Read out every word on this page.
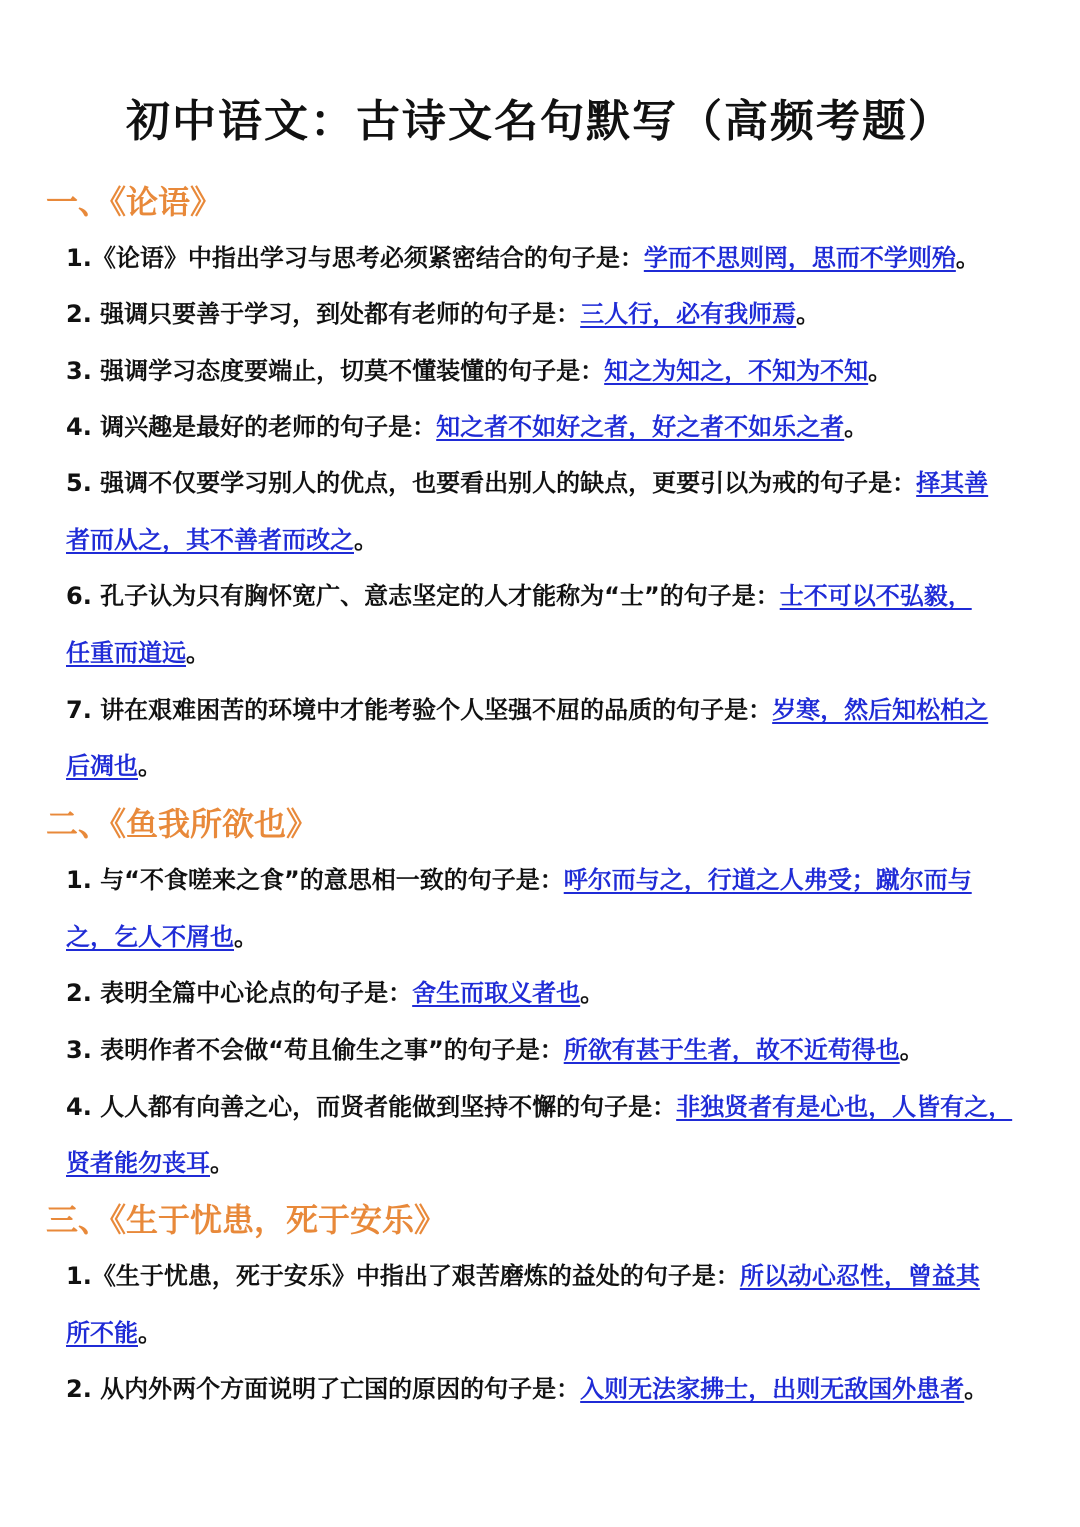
初中语文：古诗文名句默写（高频考题）
一、《论语》
1.《论语》中指出学习与思考必须紧密结合的句子是：学而不思则罔，思而不学则殆。
2. 强调只要善于学习，到处都有老师的句子是：三人行，必有我师焉。
3. 强调学习态度要端止，切莫不懂装懂的句子是：知之为知之，不知为不知。
4. 调兴趣是最好的老师的句子是：知之者不如好之者，好之者不如乐之者。
5. 强调不仅要学习别人的优点，也要看出别人的缺点，更要引以为戒的句子是：择其善
者而从之，其不善者而改之。
6. 孔子认为只有胸怀宽广、意志坚定的人才能称为“士”的句子是：士不可以不弘毅，
任重而道远。
7. 讲在艰难困苦的环境中才能考验个人坚强不屈的品质的句子是：岁寒，然后知松柏之
后凋也。
二、《鱼我所欲也》
1. 与“不食嗟来之食”的意思相一致的句子是：呼尔而与之，行道之人弗受；蹴尔而与
之，乞人不屑也。
2. 表明全篇中心论点的句子是：舍生而取义者也。
3. 表明作者不会做“苟且偷生之事”的句子是：所欲有甚于生者，故不近苟得也。
4. 人人都有向善之心，而贤者能做到坚持不懈的句子是：非独贤者有是心也，人皆有之，
贤者能勿丧耳。
三、《生于忧患，死于安乐》
1.《生于忧患，死于安乐》中指出了艰苦磨炼的益处的句子是：所以动心忍性，曾益其
所不能。
2. 从内外两个方面说明了亡国的原因的句子是：入则无法家拂士，出则无敌国外患者。
